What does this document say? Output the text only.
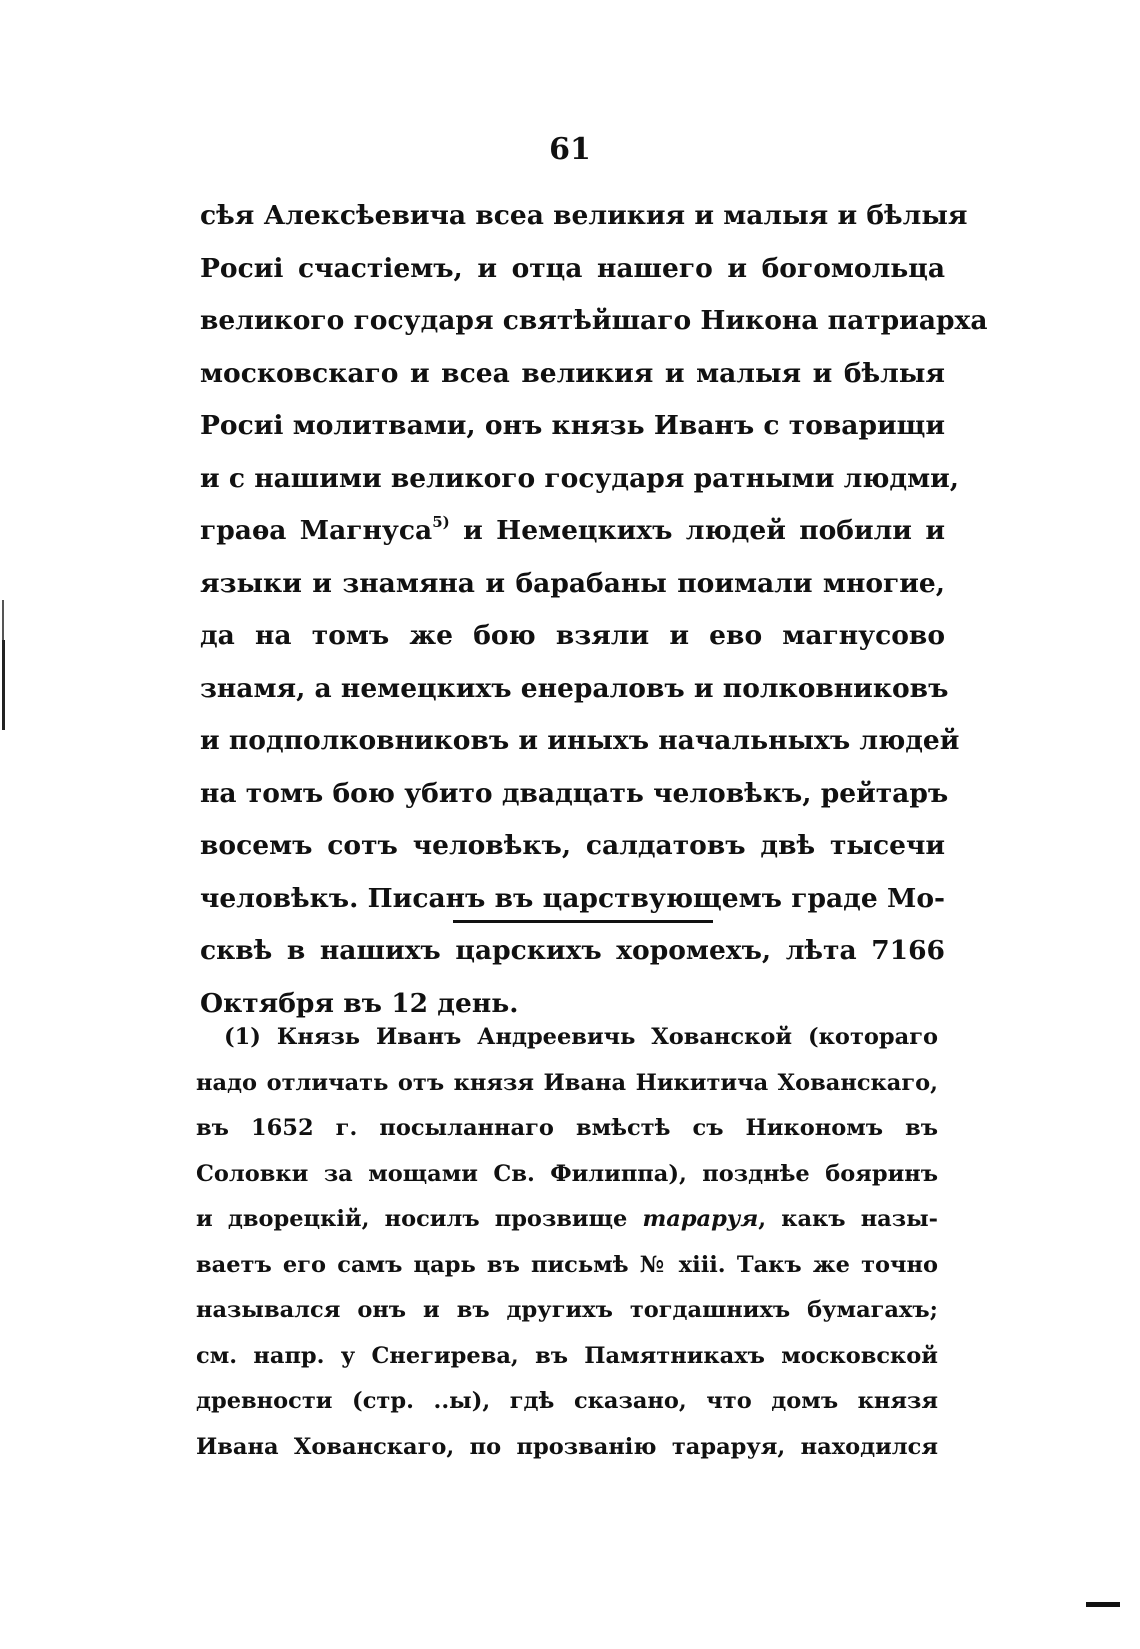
61
сѣя Алексѣевича всеа великия и малыя и бѣлыя
Росиі счастіемъ, и отца нашего и богомольца
великого государя святѣйшаго Никона патриарха
московскаго и всеа великия и малыя и бѣлыя
Росиі молитвами, онъ князь Иванъ с товарищи
и с нашими великого государя ратными людми,
граѳа Магнуса$^{5)}$ и Немецкихъ людей побили и
языки и знамяна и барабаны поимали многие,
да на томъ же бою взяли и ево магнусово
знамя, а немецкихъ енераловъ и полковниковъ
и подполковниковъ и иныхъ начальныхъ людей
на томъ бою убито двадцать человѣкъ, рейтаръ
восемъ сотъ человѣкъ, салдатовъ двѣ тысечи
человѣкъ. Писанъ въ царствующемъ граде Мо-
сквѣ в нашихъ царскихъ хоромехъ, лѣта 7166
Октября въ 12 день.
(1) Князь Иванъ Андреевичь Хованской (котораго
надо отличать отъ князя Ивана Никитича Хованскаго,
въ 1652 г. посыланнаго вмѣстѣ съ Никономъ въ
Соловки за мощами Св. Филиппа), позднѣе бояринъ
и дворецкій, носилъ прозвище тараруя, какъ назы-
ваетъ его самъ царь въ письмѣ № xiii. Такъ же точно
назывался онъ и въ другихъ тогдашнихъ бумагахъ;
см. напр. у Снегирева, въ Памятникахъ московской
древности (стр. ..ы), гдѣ сказано, что домъ князя
Ивана Хованскаго, по прозванію тараруя, находился
